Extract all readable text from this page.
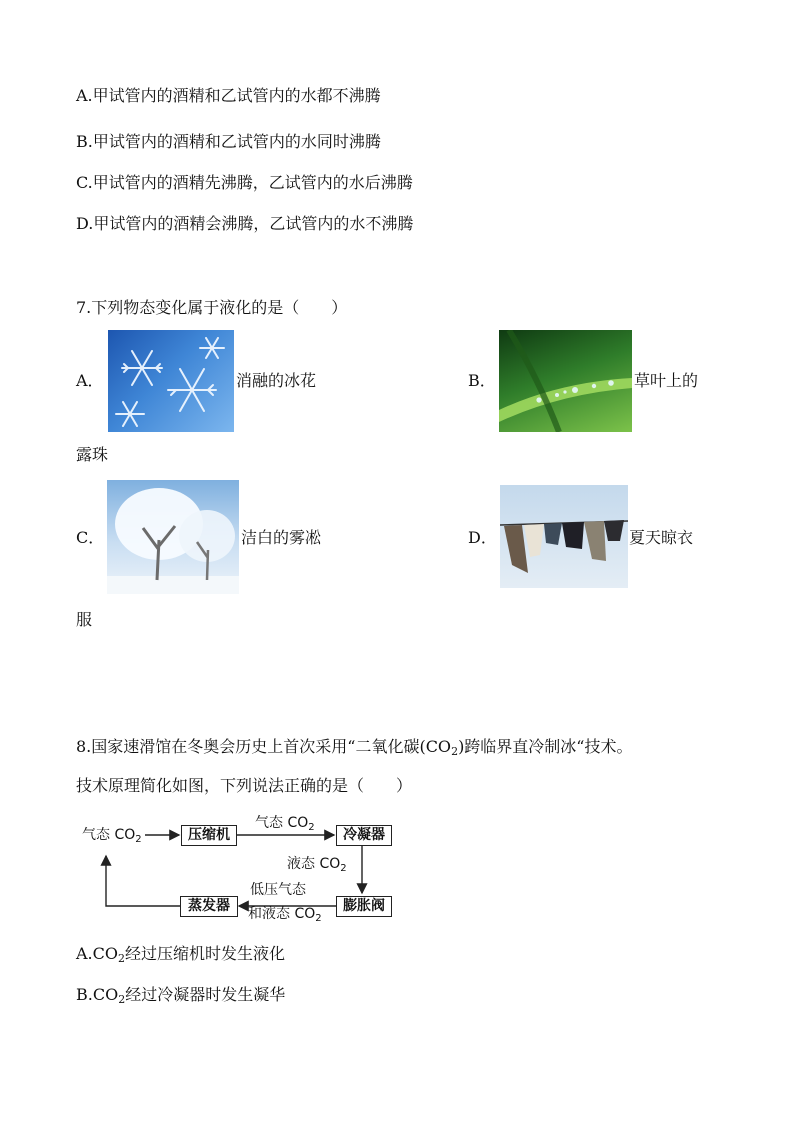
A.甲试管内的酒精和乙试管内的水都不沸腾
B.甲试管内的酒精和乙试管内的水同时沸腾
C.甲试管内的酒精先沸腾，乙试管内的水后沸腾
D.甲试管内的酒精会沸腾，乙试管内的水不沸腾
7.下列物态变化属于液化的是（　　）
A．	消融的冰花	B．	草叶上的
露珠
C．	洁白的雾凇	D．	夏天晾衣
服
8.国家速滑馆在冬奥会历史上首次采用“二氧化碳$(CO_2)$跨临界直冷制冰“技术。
技术原理简化如图，下列说法正确的是（　　）
气态 $CO_2$	压缩机
气态 $CO_2$	冷凝器
液态 $CO_2$
膨胀阀
低压气态
和液态 $CO_2$
蒸发器
$A.CO_2$经过压缩机时发生液化
$B.CO_2$经过冷凝器时发生凝华
